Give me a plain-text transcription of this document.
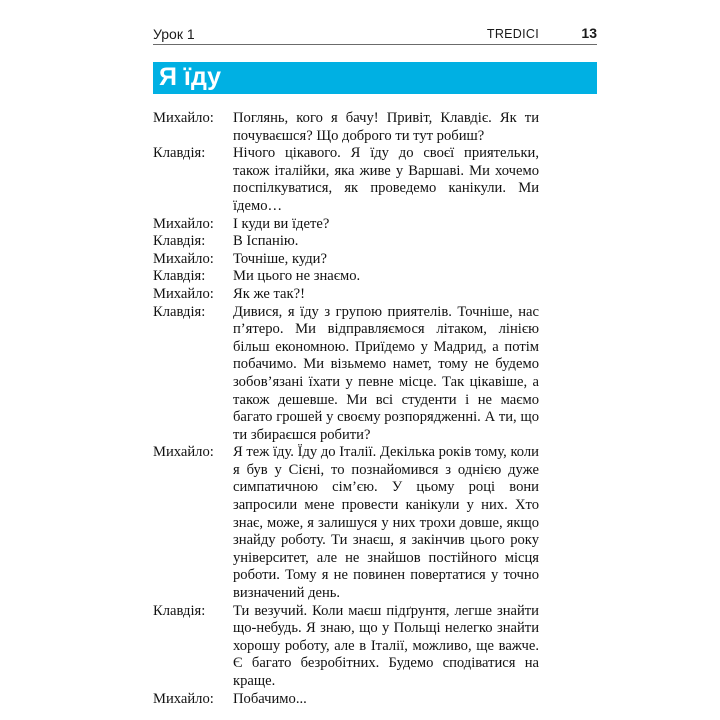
Урок 1	TREDICI	13
Я їду
Михайло:	Поглянь, кого я бачу! Привіт, Клавдіє. Як ти почуваєшся? Що доброго ти тут робиш?
Клавдія:	Нічого цікавого. Я їду до своєї приятельки, також італійки, яка живе у Варшаві. Ми хочемо поспілкуватися, як проведемо канікули. Ми їдемо…
Михайло:	І куди ви їдете?
Клавдія:	В Іспанію.
Михайло:	Точніше, куди?
Клавдія:	Ми цього не знаємо.
Михайло:	Як же так?!
Клавдія:	Дивися, я їду з групою приятелів. Точніше, нас п’ятеро. Ми відправляємося літаком, лінією більш економною. Приїдемо у Мадрид, а потім побачимо. Ми візьмемо намет, тому не будемо зобов’язані їхати у певне місце. Так цікавіше, а також дешевше. Ми всі студенти і не маємо багато грошей у своєму розпорядженні. А ти, що ти збираєшся робити?
Михайло:	Я теж їду. Їду до Італії. Декілька років тому, коли я був у Сієні, то познайомився з однією дуже симпатичною сім’єю. У цьому році вони запросили мене провести канікули у них. Хто знає, може, я залишуся у них трохи довше, якщо знайду роботу. Ти знаєш, я закінчив цього року університет, але не знайшов постійного місця роботи. Тому я не повинен повертатися у точно визначений день.
Клавдія:	Ти везучий. Коли маєш підґрунтя, легше знайти що-небудь. Я знаю, що у Польщі нелегко знайти хорошу роботу, але в Італії, можливо, ще важче. Є багато безробітних. Будемо сподіватися на краще.
Михайло:	Побачимо...
